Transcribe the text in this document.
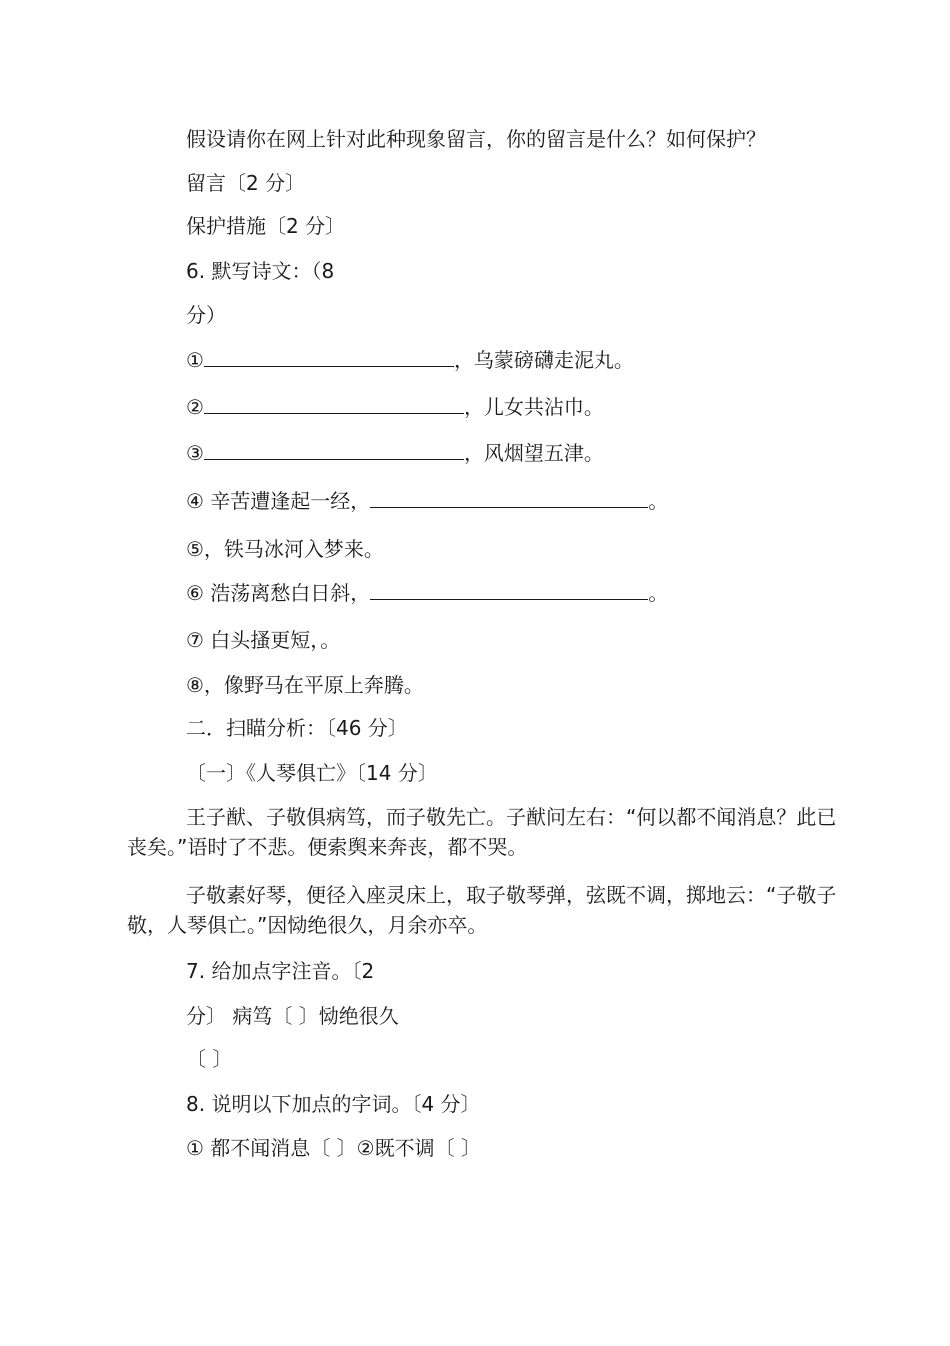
假设请你在网上针对此种现象留言，你的留言是什么？如何保护？

留言〔2 分〕

保护措施〔2 分〕

6. 默写诗文：（8

分）

①	，乌蒙磅礴走泥丸。

②	，儿女共沾巾。

③	，风烟望五津。

④ 辛苦遭逢起一经，	。

⑤，铁马冰河入梦来。

⑥ 浩荡离愁白日斜，	。

⑦ 白头搔更短，。

⑧，像野马在平原上奔腾。

二．扫瞄分析：〔46 分〕

〔一〕《人琴俱亡》〔14 分〕

王子猷、子敬俱病笃，而子敬先亡。子猷问左右：“何以都不闻消息？此已丧矣。”语时了不悲。便索舆来奔丧，都不哭。

子敬素好琴，便径入座灵床上，取子敬琴弹，弦既不调，掷地云：“子敬子敬，人琴俱亡。”因恸绝很久，月余亦卒。

7. 给加点字注音。〔2

分〕 病笃〔 〕恸绝很久

〔 〕

8. 说明以下加点的字词。〔4 分〕

① 都不闻消息〔 〕②既不调〔 〕
